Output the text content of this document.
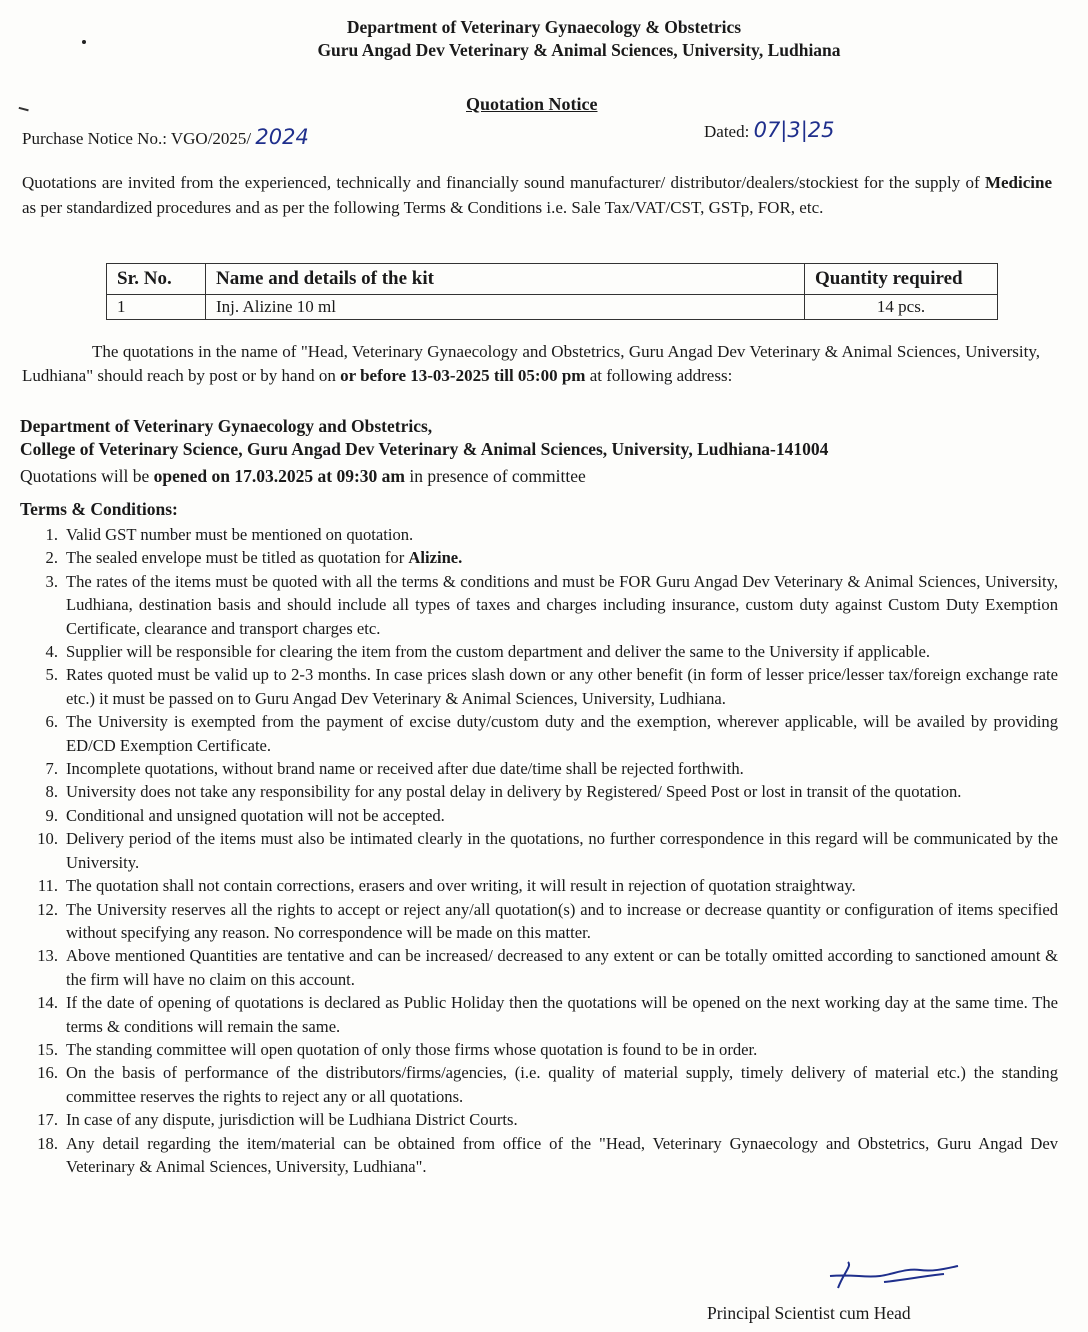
Department of Veterinary Gynaecology & Obstetrics
Guru Angad Dev Veterinary & Animal Sciences, University, Ludhiana
Quotation Notice
Purchase Notice No.: VGO/2025/ 2024	Dated: 07|3|25
Quotations are invited from the experienced, technically and financially sound manufacturer/ distributor/dealers/stockiest for the supply of Medicine as per standardized procedures and as per the following Terms & Conditions i.e. Sale Tax/VAT/CST, GSTp, FOR, etc.
Sr. No.	Name and details of the kit	Quantity required
1	Inj. Alizine 10 ml	14 pcs.
The quotations in the name of "Head, Veterinary Gynaecology and Obstetrics, Guru Angad Dev Veterinary & Animal Sciences, University, Ludhiana" should reach by post or by hand on or before 13-03-2025 till 05:00 pm at following address:
Department of Veterinary Gynaecology and Obstetrics,
College of Veterinary Science, Guru Angad Dev Veterinary & Animal Sciences, University, Ludhiana-141004
Quotations will be opened on 17.03.2025 at 09:30 am in presence of committee
Terms & Conditions:
1. Valid GST number must be mentioned on quotation.
2. The sealed envelope must be titled as quotation for Alizine.
3. The rates of the items must be quoted with all the terms & conditions and must be FOR Guru Angad Dev Veterinary & Animal Sciences, University, Ludhiana, destination basis and should include all types of taxes and charges including insurance, custom duty against Custom Duty Exemption Certificate, clearance and transport charges etc.
4. Supplier will be responsible for clearing the item from the custom department and deliver the same to the University if applicable.
5. Rates quoted must be valid up to 2-3 months. In case prices slash down or any other benefit (in form of lesser price/lesser tax/foreign exchange rate etc.) it must be passed on to Guru Angad Dev Veterinary & Animal Sciences, University, Ludhiana.
6. The University is exempted from the payment of excise duty/custom duty and the exemption, wherever applicable, will be availed by providing ED/CD Exemption Certificate.
7. Incomplete quotations, without brand name or received after due date/time shall be rejected forthwith.
8. University does not take any responsibility for any postal delay in delivery by Registered/ Speed Post or lost in transit of the quotation.
9. Conditional and unsigned quotation will not be accepted.
10. Delivery period of the items must also be intimated clearly in the quotations, no further correspondence in this regard will be communicated by the University.
11. The quotation shall not contain corrections, erasers and over writing, it will result in rejection of quotation straightway.
12. The University reserves all the rights to accept or reject any/all quotation(s) and to increase or decrease quantity or configuration of items specified without specifying any reason. No correspondence will be made on this matter.
13. Above mentioned Quantities are tentative and can be increased/ decreased to any extent or can be totally omitted according to sanctioned amount & the firm will have no claim on this account.
14. If the date of opening of quotations is declared as Public Holiday then the quotations will be opened on the next working day at the same time. The terms & conditions will remain the same.
15. The standing committee will open quotation of only those firms whose quotation is found to be in order.
16. On the basis of performance of the distributors/firms/agencies, (i.e. quality of material supply, timely delivery of material etc.) the standing committee reserves the rights to reject any or all quotations.
17. In case of any dispute, jurisdiction will be Ludhiana District Courts.
18. Any detail regarding the item/material can be obtained from office of the "Head, Veterinary Gynaecology and Obstetrics, Guru Angad Dev Veterinary & Animal Sciences, University, Ludhiana".
Principal Scientist cum Head
